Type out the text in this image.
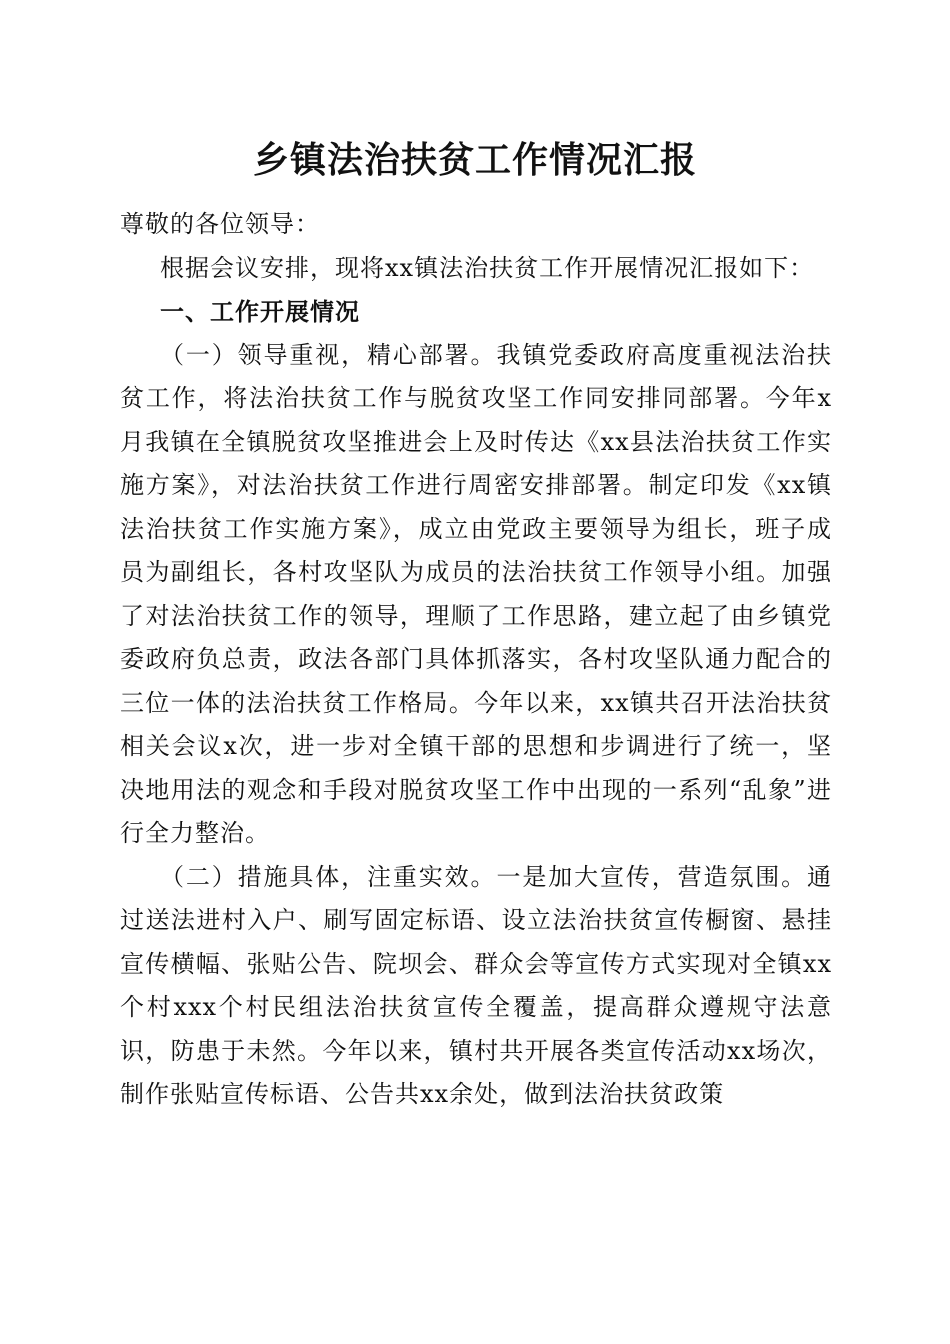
乡镇法治扶贫工作情况汇报

尊敬的各位领导：

根据会议安排，现将xx镇法治扶贫工作开展情况汇报如下：

一、工作开展情况

（一）领导重视，精心部署。我镇党委政府高度重视法治扶贫工作，将法治扶贫工作与脱贫攻坚工作同安排同部署。今年x月我镇在全镇脱贫攻坚推进会上及时传达《xx县法治扶贫工作实施方案》，对法治扶贫工作进行周密安排部署。制定印发《xx镇法治扶贫工作实施方案》，成立由党政主要领导为组长，班子成员为副组长，各村攻坚队为成员的法治扶贫工作领导小组。加强了对法治扶贫工作的领导，理顺了工作思路，建立起了由乡镇党委政府负总责，政法各部门具体抓落实，各村攻坚队通力配合的三位一体的法治扶贫工作格局。今年以来，xx镇共召开法治扶贫相关会议x次，进一步对全镇干部的思想和步调进行了统一，坚决地用法的观念和手段对脱贫攻坚工作中出现的一系列“乱象”进行全力整治。

（二）措施具体，注重实效。一是加大宣传，营造氛围。通过送法进村入户、刷写固定标语、设立法治扶贫宣传橱窗、悬挂宣传横幅、张贴公告、院坝会、群众会等宣传方式实现对全镇xx个村xxx个村民组法治扶贫宣传全覆盖，提高群众遵规守法意识，防患于未然。今年以来，镇村共开展各类宣传活动xx场次，制作张贴宣传标语、公告共xx余处，做到法治扶贫政策
